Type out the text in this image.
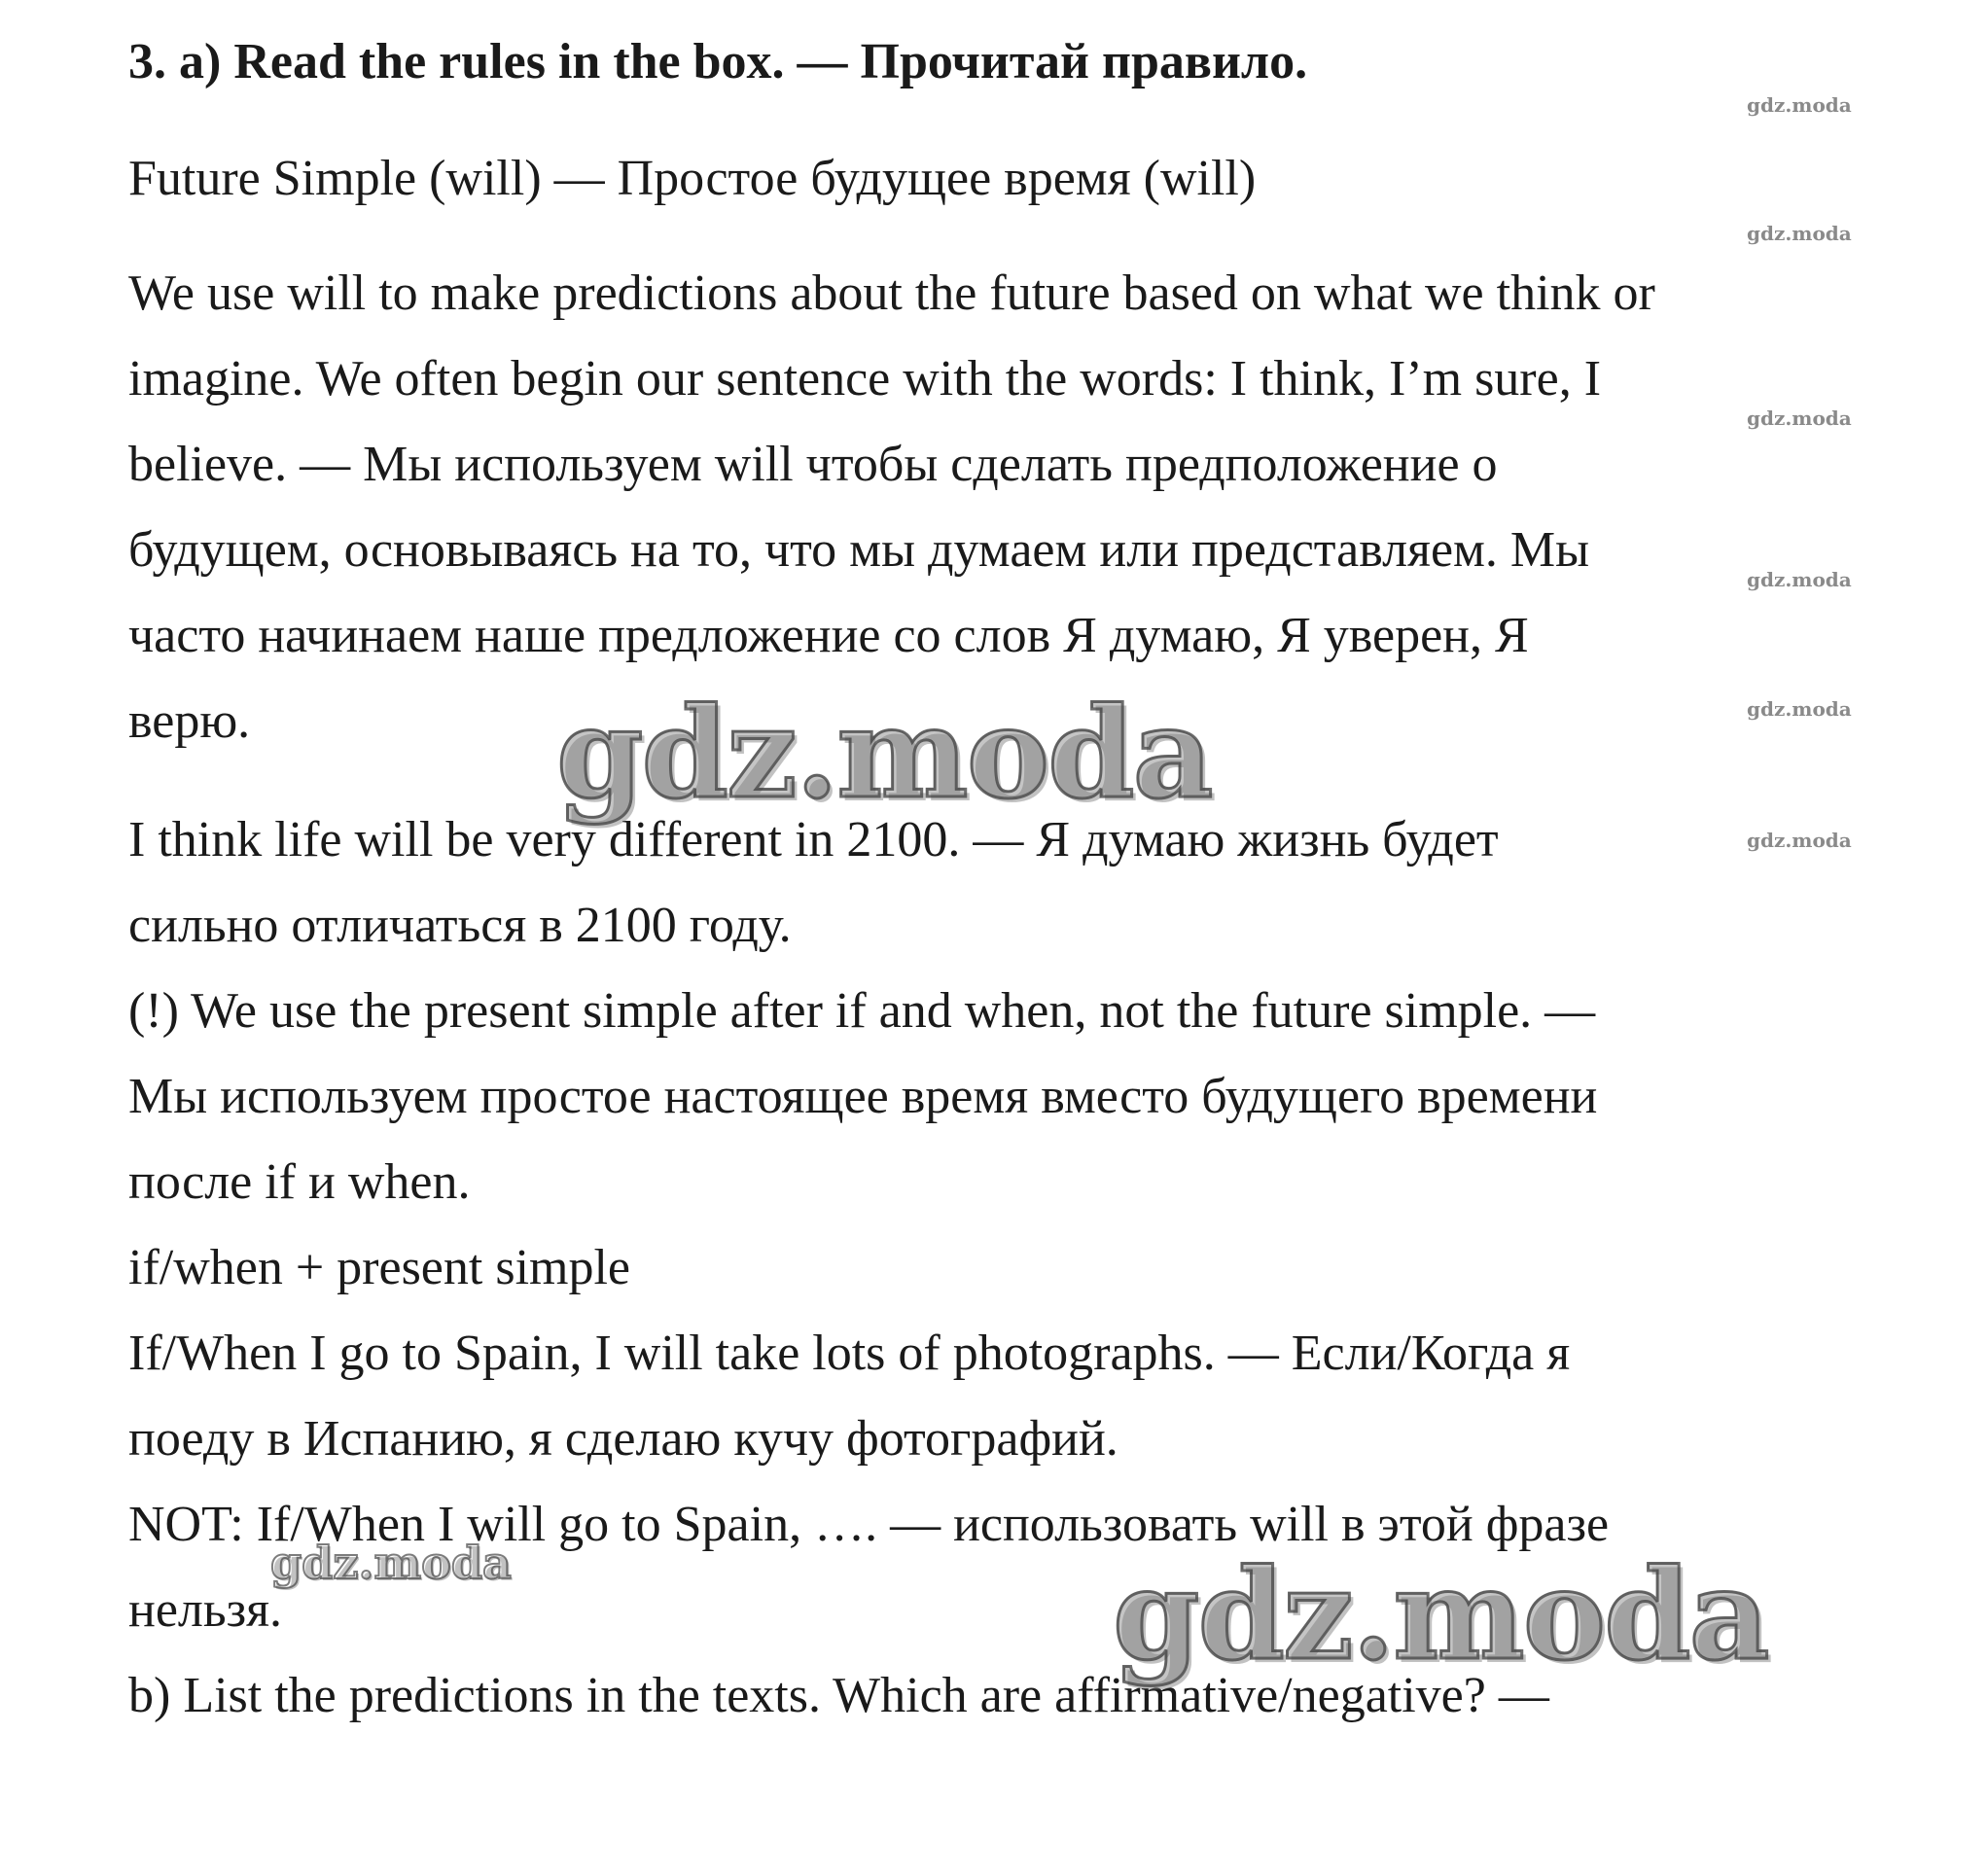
3. a) Read the rules in the box. — Прочитай правило.
Future Simple (will) — Простое будущее время (will)

We use will to make predictions about the future based on what we think or

imagine. We often begin our sentence with the words: I think, I’m sure, I

believe. — Мы используем will чтобы сделать предположение о

будущем, основываясь на то, что мы думаем или представляем. Мы

часто начинаем наше предложение со слов Я думаю, Я уверен, Я

верю.

I think life will be very different in 2100. — Я думаю жизнь будет

сильно отличаться в 2100 году.

(!) We use the present simple after if and when, not the future simple. —

Мы используем простое настоящее время вместо будущего времени

после if и when.

if/when + present simple

If/When I go to Spain, I will take lots of photographs. — Если/Когда я

поеду в Испанию, я сделаю кучу фотографий.

NOT: If/When I will go to Spain, …. — использовать will в этой фразе

нельзя.

b) List the predictions in the texts. Which are affirmative/negative? —

gdz.moda
gdz.moda
gdz.moda
gdz.moda
gdz.moda
gdz.moda
gdz.moda
gdz.moda
gdz.moda
